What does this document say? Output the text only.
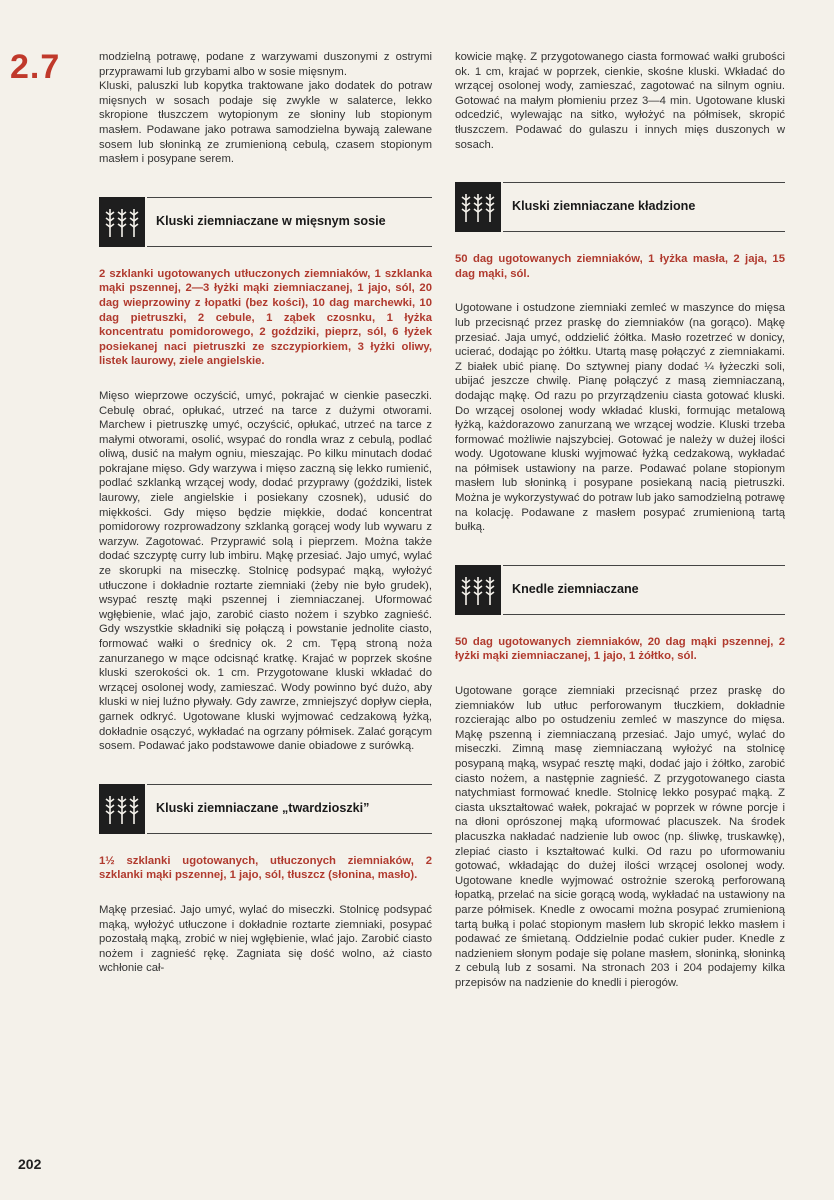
2.7	modzielną potrawę, podane z warzywami duszonymi z ostrymi przyprawami lub grzybami albo w sosie mięsnym.

Kluski, paluszki lub kopytka traktowane jako dodatek do potraw mięsnych w sosach podaje się zwykle w salaterce, lekko skropione tłuszczem wytopionym ze słoniny lub stopionym masłem. Podawane jako potrawa samodzielna bywają zalewane sosem lub słoninką ze zrumienioną cebulą, czasem stopionym masłem i posypane serem.

Kluski ziemniaczane w mięsnym sosie

2 szklanki ugotowanych utłuczonych ziemniaków, 1 szklanka mąki pszennej, 2—3 łyżki mąki ziemniaczanej, 1 jajo, sól, 20 dag wieprzowiny z łopatki (bez kości), 10 dag marchewki, 10 dag pietruszki, 2 cebule, 1 ząbek czosnku, 1 łyżka koncentratu pomidorowego, 2 goździki, pieprz, sól, 6 łyżek posiekanej naci pietruszki ze szczypiorkiem, 3 łyżki oliwy, listek laurowy, ziele angielskie.

Mięso wieprzowe oczyścić, umyć, pokrajać w cienkie paseczki. Cebulę obrać, opłukać, utrzeć na tarce z dużymi otworami. Marchew i pietruszkę umyć, oczyścić, opłukać, utrzeć na tarce z małymi otworami, osolić, wsypać do rondla wraz z cebulą, podlać oliwą, dusić na małym ogniu, mieszając. Po kilku minutach dodać pokrajane mięso. Gdy warzywa i mięso zaczną się lekko rumienić, podlać szklanką wrzącej wody, dodać przyprawy (goździki, listek laurowy, ziele angielskie i posiekany czosnek), udusić do miękkości. Gdy mięso będzie miękkie, dodać koncentrat pomidorowy rozprowadzony szklanką gorącej wody lub wywaru z warzyw. Zagotować. Przyprawić solą i pieprzem. Można także dodać szczyptę curry lub imbiru. Mąkę przesiać. Jajo umyć, wylać ze skorupki na miseczkę. Stolnicę podsypać mąką, wyłożyć utłuczone i dokładnie roztarte ziemniaki (żeby nie było grudek), wsypać resztę mąki pszennej i ziemniaczanej. Uformować wgłębienie, wlać jajo, zarobić ciasto nożem i szybko zagnieść. Gdy wszystkie składniki się połączą i powstanie jednolite ciasto, formować wałki o średnicy ok. 2 cm. Tępą stroną noża zanurzanego w mące odcisnąć kratkę. Krajać w poprzek skośne kluski szerokości ok. 1 cm. Przygotowane kluski wkładać do wrzącej osolonej wody, zamieszać. Wody powinno być dużo, aby kluski w niej luźno pływały. Gdy zawrze, zmniejszyć dopływ ciepła, garnek odkryć. Ugotowane kluski wyjmować cedzakową łyżką, dokładnie osączyć, wykładać na ogrzany półmisek. Zalać gorącym sosem. Podawać jako podstawowe danie obiadowe z surówką.

Kluski ziemniaczane „twardzioszki”

1½ szklanki ugotowanych, utłuczonych ziemniaków, 2 szklanki mąki pszennej, 1 jajo, sól, tłuszcz (słonina, masło).

Mąkę przesiać. Jajo umyć, wylać do miseczki. Stolnicę podsypać mąką, wyłożyć utłuczone i dokładnie roztarte ziemniaki, posypać pozostałą mąką, zrobić w niej wgłębienie, wlać jajo. Zarobić ciasto nożem i zagnieść rękę. Zagniata się dość wolno, aż ciasto wchłonie cał-

kowicie mąkę. Z przygotowanego ciasta formować wałki grubości ok. 1 cm, krajać w poprzek, cienkie, skośne kluski. Wkładać do wrzącej osolonej wody, zamieszać, zagotować na silnym ogniu. Gotować na małym płomieniu przez 3—4 min. Ugotowane kluski odcedzić, wylewając na sitko, wyłożyć na półmisek, skropić tłuszczem. Podawać do gulaszu i innych mięs duszonych w sosach.

Kluski ziemniaczane kładzione

50 dag ugotowanych ziemniaków, 1 łyżka masła, 2 jaja, 15 dag mąki, sól.

Ugotowane i ostudzone ziemniaki zemleć w maszynce do mięsa lub przecisnąć przez praskę do ziemniaków (na gorąco). Mąkę przesiać. Jaja umyć, oddzielić żółtka. Masło rozetrzeć w donicy, ucierać, dodając po żółtku. Utartą masę połączyć z ziemniakami. Z białek ubić pianę. Do sztywnej piany dodać ¼ łyżeczki soli, ubijać jeszcze chwilę. Pianę połączyć z masą ziemniaczaną, dodając mąkę. Od razu po przyrządzeniu ciasta gotować kluski. Do wrzącej osolonej wody wkładać kluski, formując metalową łyżką, każdorazowo zanurzaną we wrzącej wodzie. Kluski trzeba formować możliwie najszybciej. Gotować je należy w dużej ilości wody. Ugotowane kluski wyjmować łyżką cedzakową, wykładać na półmisek ustawiony na parze. Podawać polane stopionym masłem lub słoninką i posypane posiekaną nacią pietruszki. Można je wykorzystywać do potraw lub jako samodzielną potrawę na kolację. Podawane z masłem posypać zrumienioną tartą bułką.

Knedle ziemniaczane

50 dag ugotowanych ziemniaków, 20 dag mąki pszennej, 2 łyżki mąki ziemniaczanej, 1 jajo, 1 żółtko, sól.

Ugotowane gorące ziemniaki przecisnąć przez praskę do ziemniaków lub utłuc perforowanym tłuczkiem, dokładnie rozcierając albo po ostudzeniu zemleć w maszynce do mięsa. Mąkę pszenną i ziemniaczaną przesiać. Jajo umyć, wylać do miseczki. Zimną masę ziemniaczaną wyłożyć na stolnicę posypaną mąką, wsypać resztę mąki, dodać jajo i żółtko, zarobić ciasto nożem, a następnie zagnieść. Z przygotowanego ciasta natychmiast formować knedle. Stolnicę lekko posypać mąką. Z ciasta ukształtować wałek, pokrajać w poprzek w równe porcje i na dłoni oprószonej mąką uformować placuszek. Na środek placuszka nakładać nadzienie lub owoc (np. śliwkę, truskawkę), zlepiać ciasto i kształtować kulki. Od razu po uformowaniu gotować, wkładając do dużej ilości wrzącej osolonej wody. Ugotowane knedle wyjmować ostrożnie szeroką perforowaną łopatką, przelać na sicie gorącą wodą, wykładać na ustawiony na parze półmisek. Knedle z owocami można posypać zrumienioną tartą bułką i polać stopionym masłem lub skropić lekko masłem i podawać ze śmietaną. Oddzielnie podać cukier puder. Knedle z nadzieniem słonym podaje się polane masłem, słoninką, słoninką z cebulą lub z sosami. Na stronach 203 i 204 podajemy kilka przepisów na nadzienie do knedli i pierogów.

202
